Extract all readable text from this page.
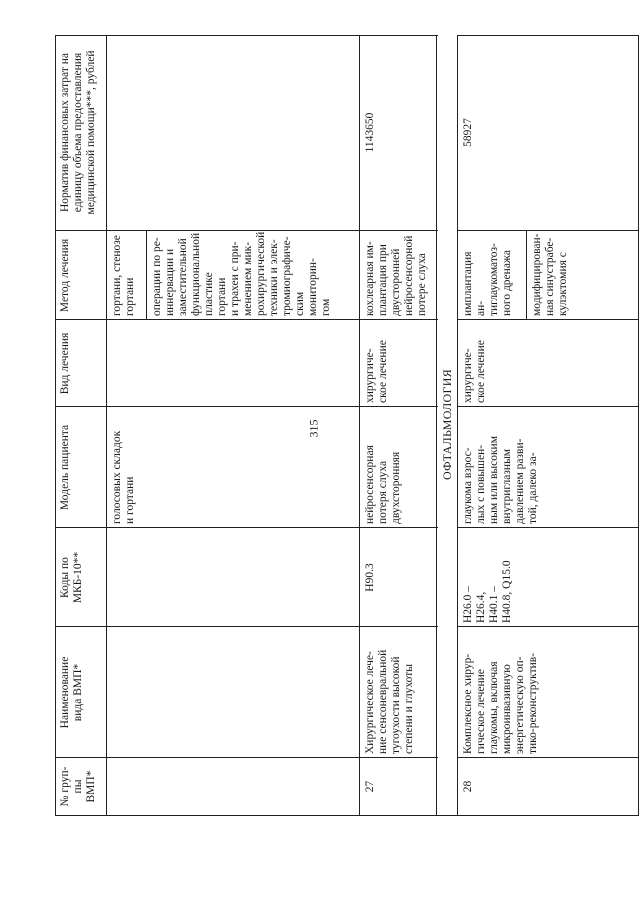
315
№ груп-
пы
ВМП*
Наименование
вида ВМП*
Коды по
МКБ-10**
Модель пациента
Вид лечения
Метод лечения
Норматив финансовых затрат на
единицу объема предоставления
медицинской помощи***, рублей
голосовых складок
и гортани
гортани, стенозе
гортани	операции по ре-
иннервации и
заместительной
функциональной
пластике гортани
и трахеи с при-
менением мик-
рохирургической
техники и элек-
тромиографиче-
ским мониторин-
гом
27
Хирургическое лече-
ние сенсоневральной
тугоухости высокой
степени и глухоты
H90.3
нейросенсорная
потеря слуха
двухсторонняя
хирургиче-
ское лечение
кохлеарная им-
плантация при
двусторонней
нейросенсорной
потере слуха
1143650
ОФТАЛЬМОЛОГИЯ
28
Комплексное хирур-
гическое лечение
глаукомы, включая
микроинвазивную
энергетическую оп-
тико-реконструктив-
H26.0 –
H26.4,
H40.1 –
H40.8, Q15.0
глаукома взрос-
лых с повышен-
ным или высоким
внутриглазным
давлением разви-
той, далеко за-
хирургиче-
ское лечение
имплантация ан-
тиглаукоматоз-
ного дренажа	модифицирован-
ная синустрабе-
кулэктомия с
58927
